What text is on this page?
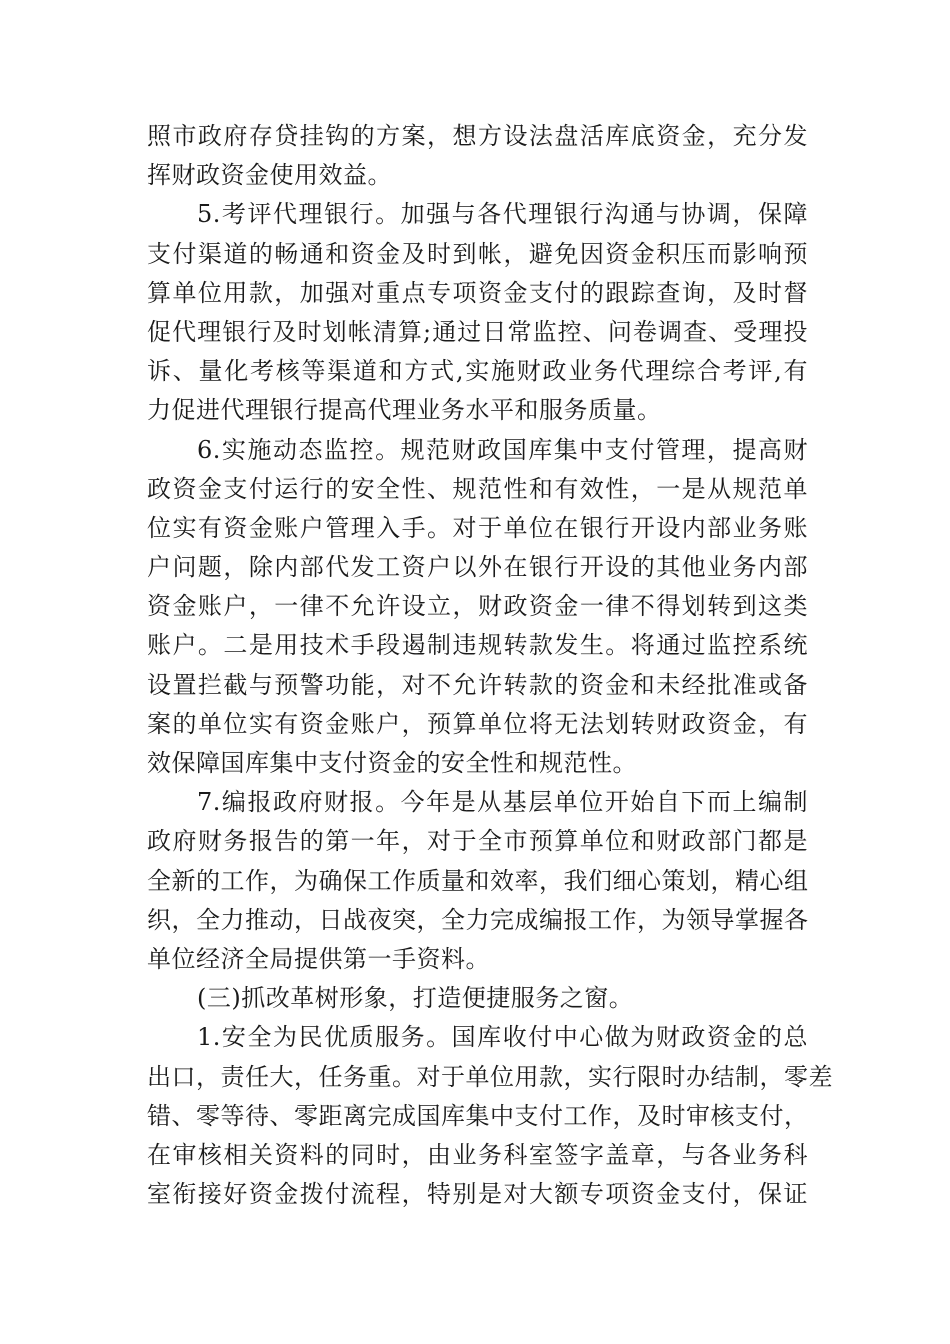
照市政府存贷挂钩的方案，想方设法盘活库底资金，充分发
挥财政资金使用效益。
5.考评代理银行。加强与各代理银行沟通与协调，保障
支付渠道的畅通和资金及时到帐，避免因资金积压而影响预
算单位用款，加强对重点专项资金支付的跟踪查询，及时督
促代理银行及时划帐清算;通过日常监控、问卷调查、受理投
诉、量化考核等渠道和方式,实施财政业务代理综合考评,有
力促进代理银行提高代理业务水平和服务质量。
6.实施动态监控。规范财政国库集中支付管理，提高财
政资金支付运行的安全性、规范性和有效性，一是从规范单
位实有资金账户管理入手。对于单位在银行开设内部业务账
户问题，除内部代发工资户以外在银行开设的其他业务内部
资金账户，一律不允许设立，财政资金一律不得划转到这类
账户。二是用技术手段遏制违规转款发生。将通过监控系统
设置拦截与预警功能，对不允许转款的资金和未经批准或备
案的单位实有资金账户，预算单位将无法划转财政资金，有
效保障国库集中支付资金的安全性和规范性。
7.编报政府财报。今年是从基层单位开始自下而上编制
政府财务报告的第一年，对于全市预算单位和财政部门都是
全新的工作，为确保工作质量和效率，我们细心策划，精心组
织，全力推动，日战夜突，全力完成编报工作，为领导掌握各
单位经济全局提供第一手资料。
(三)抓改革树形象，打造便捷服务之窗。
1.安全为民优质服务。国库收付中心做为财政资金的总
出口，责任大，任务重。对于单位用款，实行限时办结制，零差
错、零等待、零距离完成国库集中支付工作，及时审核支付，
在审核相关资料的同时，由业务科室签字盖章，与各业务科
室衔接好资金拨付流程，特别是对大额专项资金支付，保证
